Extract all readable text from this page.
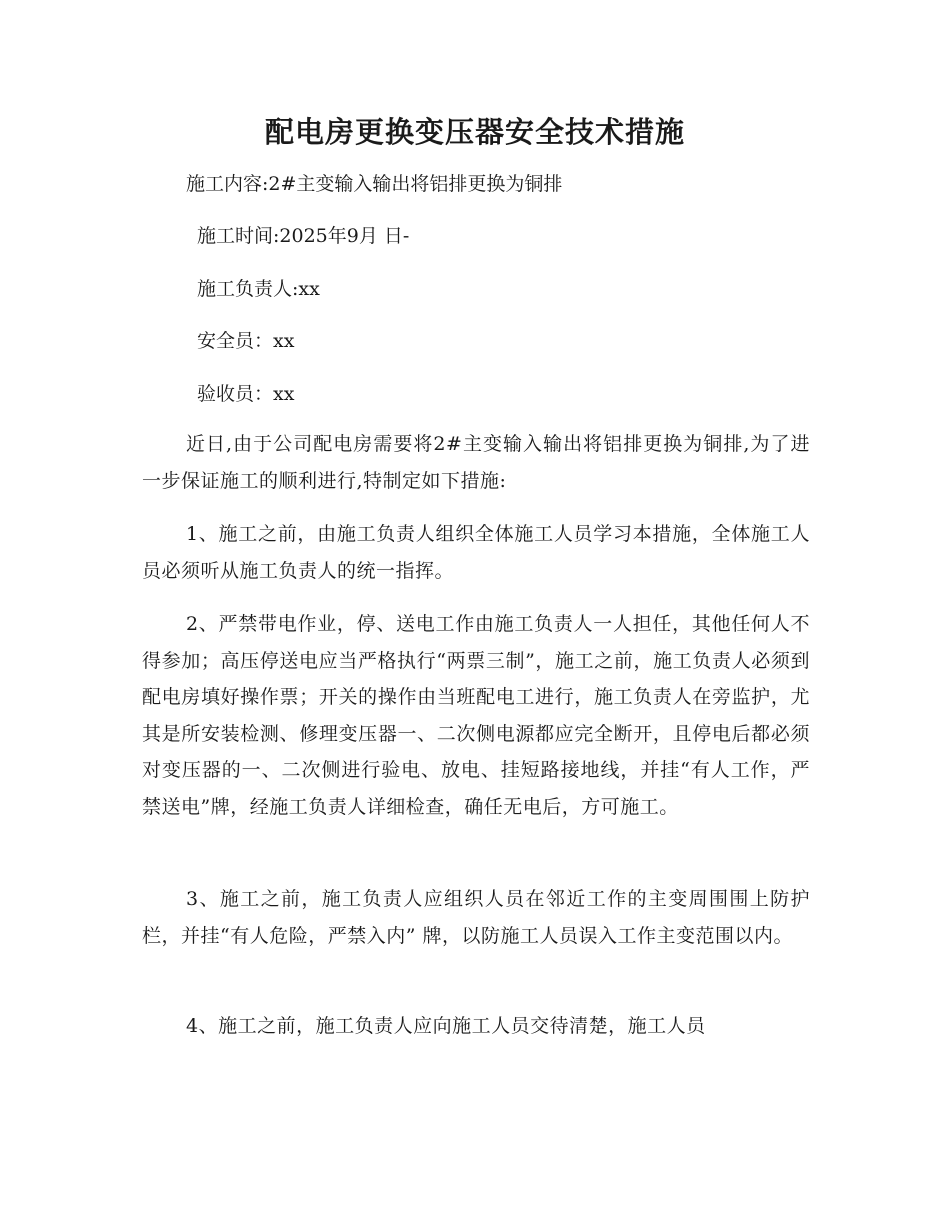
配电房更换变压器安全技术措施
施工内容:2#主变输入输出将铝排更换为铜排
施工时间:2025年9月 日-
施工负责人:xx
安全员：xx
验收员：xx
近日,由于公司配电房需要将2#主变输入输出将铝排更换为铜排,为了进一步保证施工的顺利进行,特制定如下措施:
1、施工之前，由施工负责人组织全体施工人员学习本措施，全体施工人员必须听从施工负责人的统一指挥。
2、严禁带电作业，停、送电工作由施工负责人一人担任，其他任何人不得参加；高压停送电应当严格执行“两票三制”，施工之前，施工负责人必须到配电房填好操作票；开关的操作由当班配电工进行，施工负责人在旁监护，尤其是所安装检测、修理变压器一、二次侧电源都应完全断开，且停电后都必须对变压器的一、二次侧进行验电、放电、挂短路接地线，并挂“有人工作，严禁送电”牌，经施工负责人详细检查，确任无电后，方可施工。
3、施工之前，施工负责人应组织人员在邻近工作的主变周围围上防护栏，并挂“有人危险，严禁入内” 牌，以防施工人员误入工作主变范围以内。
4、施工之前，施工负责人应向施工人员交待清楚，施工人员
